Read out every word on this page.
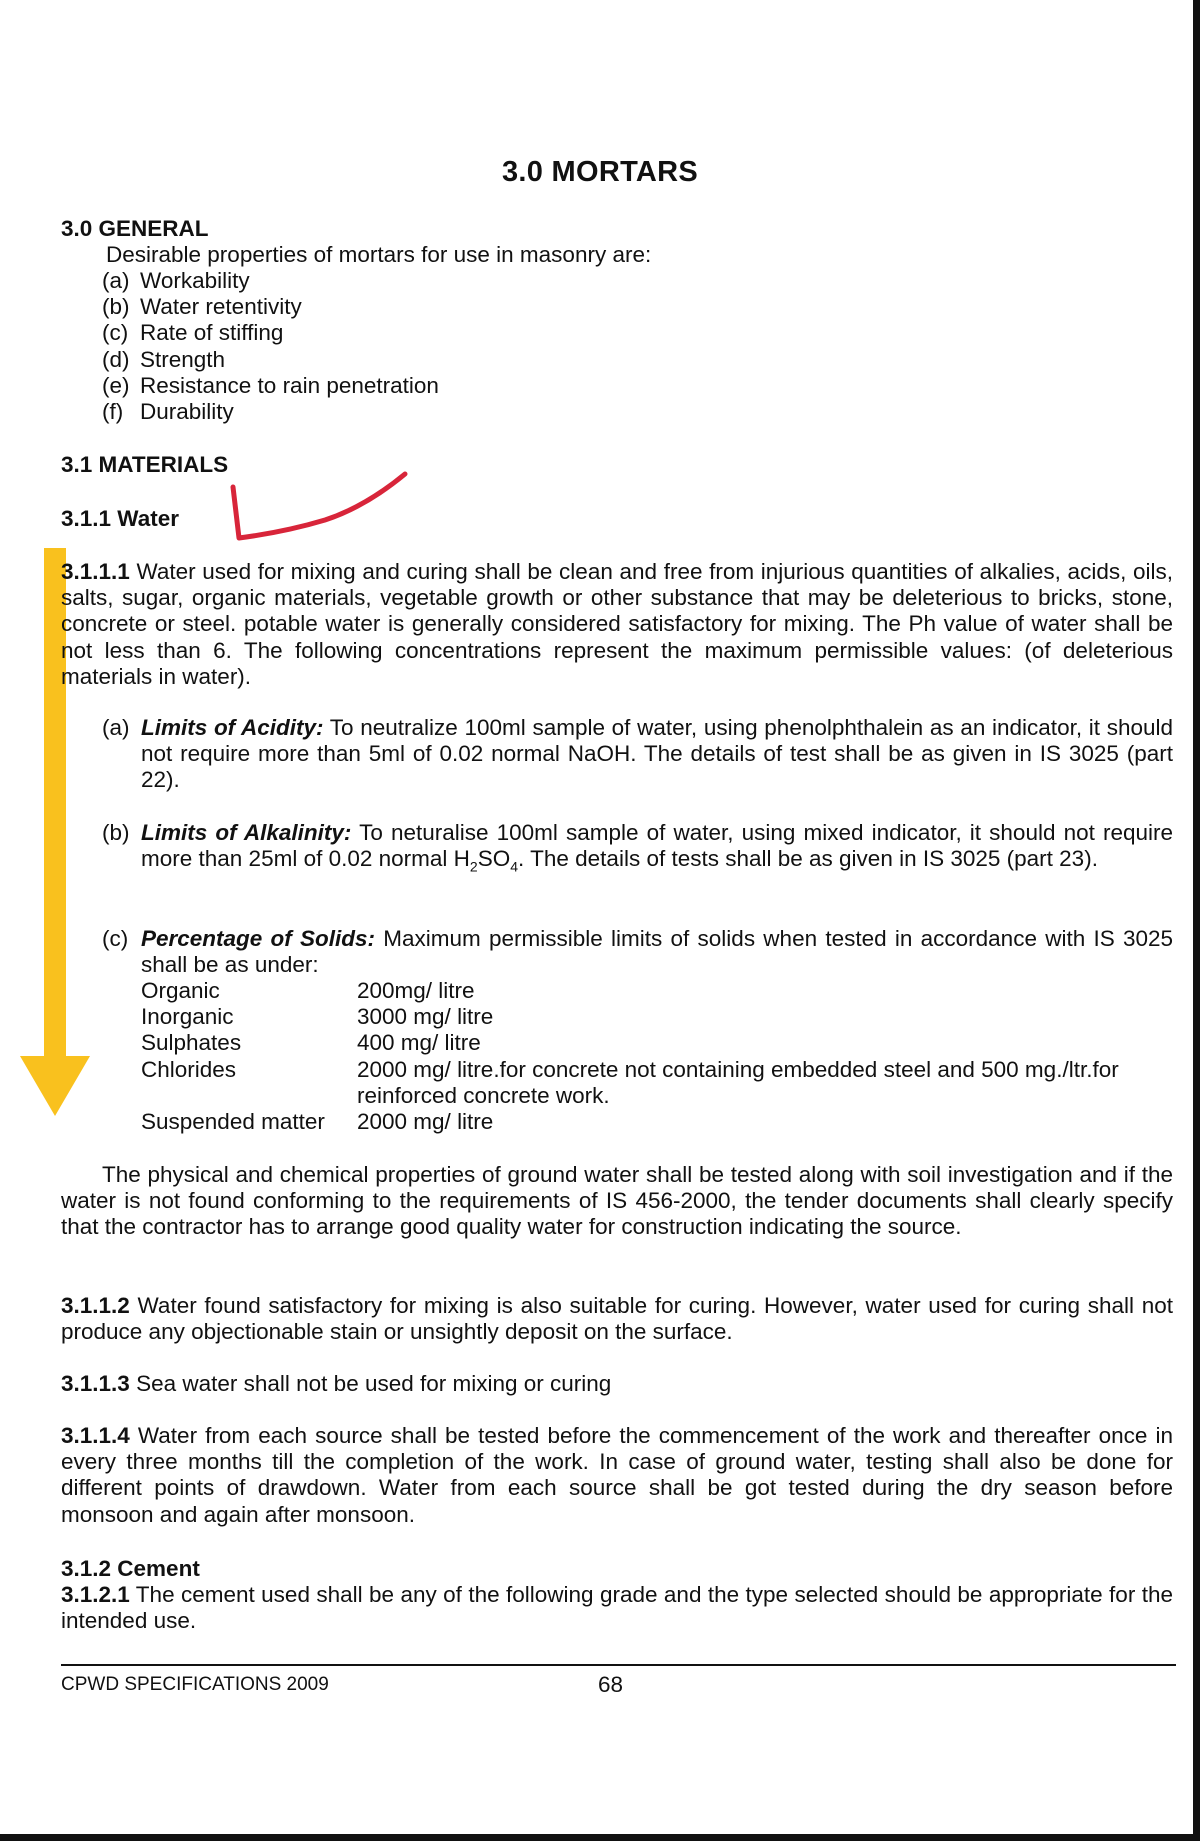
3.0 MORTARS
3.0 GENERAL
Desirable properties of mortars for use in masonry are:
(a) Workability
(b) Water retentivity
(c) Rate of stiffing
(d) Strength
(e) Resistance to rain penetration
(f) Durability
3.1 MATERIALS
3.1.1 Water
3.1.1.1 Water used for mixing and curing shall be clean and free from injurious quantities of alkalies, acids, oils, salts, sugar, organic materials, vegetable growth or other substance that may be deleterious to bricks, stone, concrete or steel. potable water is generally considered satisfactory for mixing. The Ph value of water shall be not less than 6. The following concentrations represent the maximum permissible values: (of deleterious materials in water).
(a) Limits of Acidity: To neutralize 100ml sample of water, using phenolphthalein as an indicator, it should not require more than 5ml of 0.02 normal NaOH. The details of test shall be as given in IS 3025 (part 22).
(b) Limits of Alkalinity: To neturalise 100ml sample of water, using mixed indicator, it should not require more than 25ml of 0.02 normal $H_2SO_4$. The details of tests shall be as given in IS 3025 (part 23).
(c) Percentage of Solids: Maximum permissible limits of solids when tested in accordance with IS 3025 shall be as under:
Organic	200mg/ litre
Inorganic	3000 mg/ litre
Sulphates	400 mg/ litre
Chlorides	2000 mg/ litre.for concrete not containing embedded steel and 500 mg./ltr.for reinforced concrete work.
Suspended matter	2000 mg/ litre
The physical and chemical properties of ground water shall be tested along with soil investigation and if the water is not found conforming to the requirements of IS 456-2000, the tender documents shall clearly specify that the contractor has to arrange good quality water for construction indicating the source.
3.1.1.2 Water found satisfactory for mixing is also suitable for curing. However, water used for curing shall not produce any objectionable stain or unsightly deposit on the surface.
3.1.1.3 Sea water shall not be used for mixing or curing
3.1.1.4 Water from each source shall be tested before the commencement of the work and thereafter once in every three months till the completion of the work. In case of ground water, testing shall also be done for different points of drawdown. Water from each source shall be got tested during the dry season before monsoon and again after monsoon.
3.1.2 Cement
3.1.2.1 The cement used shall be any of the following grade and the type selected should be appropriate for the intended use.
CPWD SPECIFICATIONS 2009	68
